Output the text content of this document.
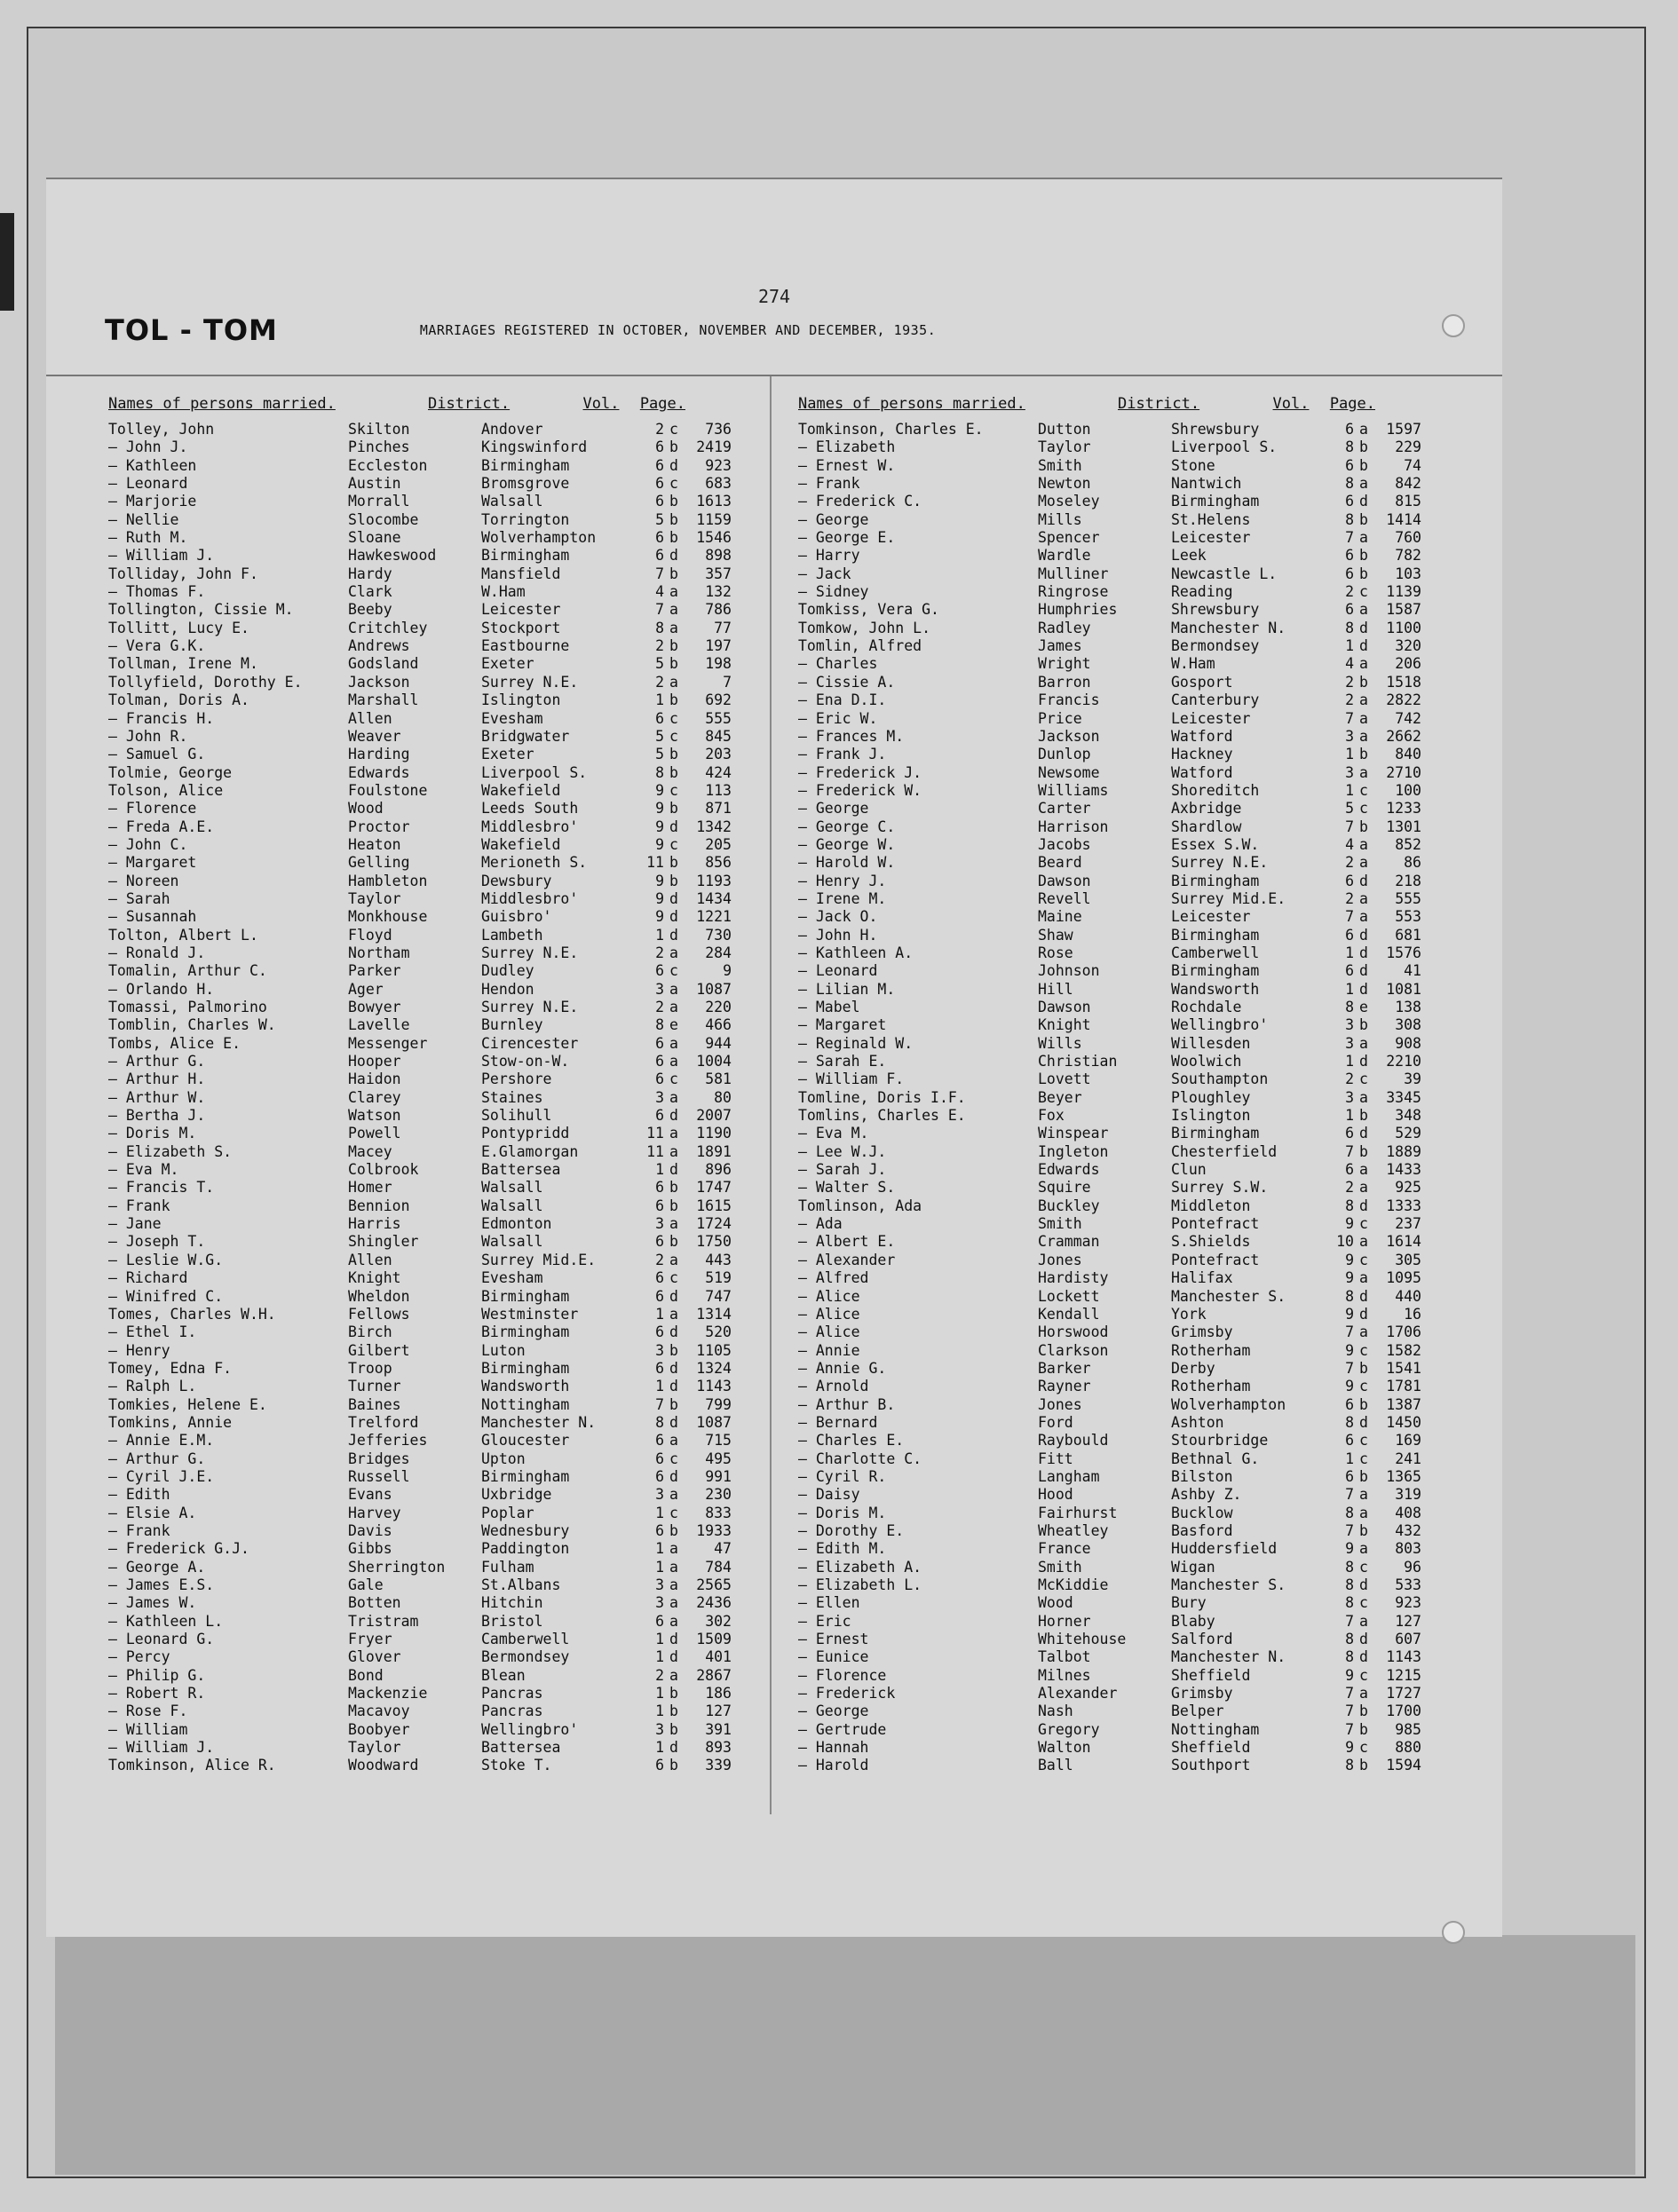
274
TOL - TOM	MARRIAGES REGISTERED IN OCTOBER, NOVEMBER AND DECEMBER, 1935.
Names of persons married.	District.	Vol.	Page.
Tolley, John	Skilton	Andover	2 c	736
— John J.	Pinches	Kingswinford	6 b	2419
— Kathleen	Eccleston	Birmingham	6 d	923
— Leonard	Austin	Bromsgrove	6 c	683
— Marjorie	Morrall	Walsall	6 b	1613
— Nellie	Slocombe	Torrington	5 b	1159
— Ruth M.	Sloane	Wolverhampton	6 b	1546
— William J.	Hawkeswood	Birmingham	6 d	898
Tolliday, John F.	Hardy	Mansfield	7 b	357
— Thomas F.	Clark	W.Ham	4 a	132
Tollington, Cissie M.	Beeby	Leicester	7 a	786
Tollitt, Lucy E.	Critchley	Stockport	8 a	77
— Vera G.K.	Andrews	Eastbourne	2 b	197
Tollman, Irene M.	Godsland	Exeter	5 b	198
Tollyfield, Dorothy E.	Jackson	Surrey N.E.	2 a	7
Tolman, Doris A.	Marshall	Islington	1 b	692
— Francis H.	Allen	Evesham	6 c	555
— John R.	Weaver	Bridgwater	5 c	845
— Samuel G.	Harding	Exeter	5 b	203
Tolmie, George	Edwards	Liverpool S.	8 b	424
Tolson, Alice	Foulstone	Wakefield	9 c	113
— Florence	Wood	Leeds South	9 b	871
— Freda A.E.	Proctor	Middlesbro'	9 d	1342
— John C.	Heaton	Wakefield	9 c	205
— Margaret	Gelling	Merioneth S.	11 b	856
— Noreen	Hambleton	Dewsbury	9 b	1193
— Sarah	Taylor	Middlesbro'	9 d	1434
— Susannah	Monkhouse	Guisbro'	9 d	1221
Tolton, Albert L.	Floyd	Lambeth	1 d	730
— Ronald J.	Northam	Surrey N.E.	2 a	284
Tomalin, Arthur C.	Parker	Dudley	6 c	9
— Orlando H.	Ager	Hendon	3 a	1087
Tomassi, Palmorino	Bowyer	Surrey N.E.	2 a	220
Tomblin, Charles W.	Lavelle	Burnley	8 e	466
Tombs, Alice E.	Messenger	Cirencester	6 a	944
— Arthur G.	Hooper	Stow-on-W.	6 a	1004
— Arthur H.	Haidon	Pershore	6 c	581
— Arthur W.	Clarey	Staines	3 a	80
— Bertha J.	Watson	Solihull	6 d	2007
— Doris M.	Powell	Pontypridd	11 a	1190
— Elizabeth S.	Macey	E.Glamorgan	11 a	1891
— Eva M.	Colbrook	Battersea	1 d	896
— Francis T.	Homer	Walsall	6 b	1747
— Frank	Bennion	Walsall	6 b	1615
— Jane	Harris	Edmonton	3 a	1724
— Joseph T.	Shingler	Walsall	6 b	1750
— Leslie W.G.	Allen	Surrey Mid.E.	2 a	443
— Richard	Knight	Evesham	6 c	519
— Winifred C.	Wheldon	Birmingham	6 d	747
Tomes, Charles W.H.	Fellows	Westminster	1 a	1314
— Ethel I.	Birch	Birmingham	6 d	520
— Henry	Gilbert	Luton	3 b	1105
Tomey, Edna F.	Troop	Birmingham	6 d	1324
— Ralph L.	Turner	Wandsworth	1 d	1143
Tomkies, Helene E.	Baines	Nottingham	7 b	799
Tomkins, Annie	Trelford	Manchester N.	8 d	1087
— Annie E.M.	Jefferies	Gloucester	6 a	715
— Arthur G.	Bridges	Upton	6 c	495
— Cyril J.E.	Russell	Birmingham	6 d	991
— Edith	Evans	Uxbridge	3 a	230
— Elsie A.	Harvey	Poplar	1 c	833
— Frank	Davis	Wednesbury	6 b	1933
— Frederick G.J.	Gibbs	Paddington	1 a	47
— George A.	Sherrington	Fulham	1 a	784
— James E.S.	Gale	St.Albans	3 a	2565
— James W.	Botten	Hitchin	3 a	2436
— Kathleen L.	Tristram	Bristol	6 a	302
— Leonard G.	Fryer	Camberwell	1 d	1509
— Percy	Glover	Bermondsey	1 d	401
— Philip G.	Bond	Blean	2 a	2867
— Robert R.	Mackenzie	Pancras	1 b	186
— Rose F.	Macavoy	Pancras	1 b	127
— William	Boobyer	Wellingbro'	3 b	391
— William J.	Taylor	Battersea	1 d	893
Tomkinson, Alice R.	Woodward	Stoke T.	6 b	339
Names of persons married.	District.	Vol.	Page.
Tomkinson, Charles E.	Dutton	Shrewsbury	6 a	1597
— Elizabeth	Taylor	Liverpool S.	8 b	229
— Ernest W.	Smith	Stone	6 b	74
— Frank	Newton	Nantwich	8 a	842
— Frederick C.	Moseley	Birmingham	6 d	815
— George	Mills	St.Helens	8 b	1414
— George E.	Spencer	Leicester	7 a	760
— Harry	Wardle	Leek	6 b	782
— Jack	Mulliner	Newcastle L.	6 b	103
— Sidney	Ringrose	Reading	2 c	1139
Tomkiss, Vera G.	Humphries	Shrewsbury	6 a	1587
Tomkow, John L.	Radley	Manchester N.	8 d	1100
Tomlin, Alfred	James	Bermondsey	1 d	320
— Charles	Wright	W.Ham	4 a	206
— Cissie A.	Barron	Gosport	2 b	1518
— Ena D.I.	Francis	Canterbury	2 a	2822
— Eric W.	Price	Leicester	7 a	742
— Frances M.	Jackson	Watford	3 a	2662
— Frank J.	Dunlop	Hackney	1 b	840
— Frederick J.	Newsome	Watford	3 a	2710
— Frederick W.	Williams	Shoreditch	1 c	100
— George	Carter	Axbridge	5 c	1233
— George C.	Harrison	Shardlow	7 b	1301
— George W.	Jacobs	Essex S.W.	4 a	852
— Harold W.	Beard	Surrey N.E.	2 a	86
— Henry J.	Dawson	Birmingham	6 d	218
— Irene M.	Revell	Surrey Mid.E.	2 a	555
— Jack O.	Maine	Leicester	7 a	553
— John H.	Shaw	Birmingham	6 d	681
— Kathleen A.	Rose	Camberwell	1 d	1576
— Leonard	Johnson	Birmingham	6 d	41
— Lilian M.	Hill	Wandsworth	1 d	1081
— Mabel	Dawson	Rochdale	8 e	138
— Margaret	Knight	Wellingbro'	3 b	308
— Reginald W.	Wills	Willesden	3 a	908
— Sarah E.	Christian	Woolwich	1 d	2210
— William F.	Lovett	Southampton	2 c	39
Tomline, Doris I.F.	Beyer	Ploughley	3 a	3345
Tomlins, Charles E.	Fox	Islington	1 b	348
— Eva M.	Winspear	Birmingham	6 d	529
— Lee W.J.	Ingleton	Chesterfield	7 b	1889
— Sarah J.	Edwards	Clun	6 a	1433
— Walter S.	Squire	Surrey S.W.	2 a	925
Tomlinson, Ada	Buckley	Middleton	8 d	1333
— Ada	Smith	Pontefract	9 c	237
— Albert E.	Cramman	S.Shields	10 a	1614
— Alexander	Jones	Pontefract	9 c	305
— Alfred	Hardisty	Halifax	9 a	1095
— Alice	Lockett	Manchester S.	8 d	440
— Alice	Kendall	York	9 d	16
— Alice	Horswood	Grimsby	7 a	1706
— Annie	Clarkson	Rotherham	9 c	1582
— Annie G.	Barker	Derby	7 b	1541
— Arnold	Rayner	Rotherham	9 c	1781
— Arthur B.	Jones	Wolverhampton	6 b	1387
— Bernard	Ford	Ashton	8 d	1450
— Charles E.	Raybould	Stourbridge	6 c	169
— Charlotte C.	Fitt	Bethnal G.	1 c	241
— Cyril R.	Langham	Bilston	6 b	1365
— Daisy	Hood	Ashby Z.	7 a	319
— Doris M.	Fairhurst	Bucklow	8 a	408
— Dorothy E.	Wheatley	Basford	7 b	432
— Edith M.	France	Huddersfield	9 a	803
— Elizabeth A.	Smith	Wigan	8 c	96
— Elizabeth L.	McKiddie	Manchester S.	8 d	533
— Ellen	Wood	Bury	8 c	923
— Eric	Horner	Blaby	7 a	127
— Ernest	Whitehouse	Salford	8 d	607
— Eunice	Talbot	Manchester N.	8 d	1143
— Florence	Milnes	Sheffield	9 c	1215
— Frederick	Alexander	Grimsby	7 a	1727
— George	Nash	Belper	7 b	1700
— Gertrude	Gregory	Nottingham	7 b	985
— Hannah	Walton	Sheffield	9 c	880
— Harold	Ball	Southport	8 b	1594
